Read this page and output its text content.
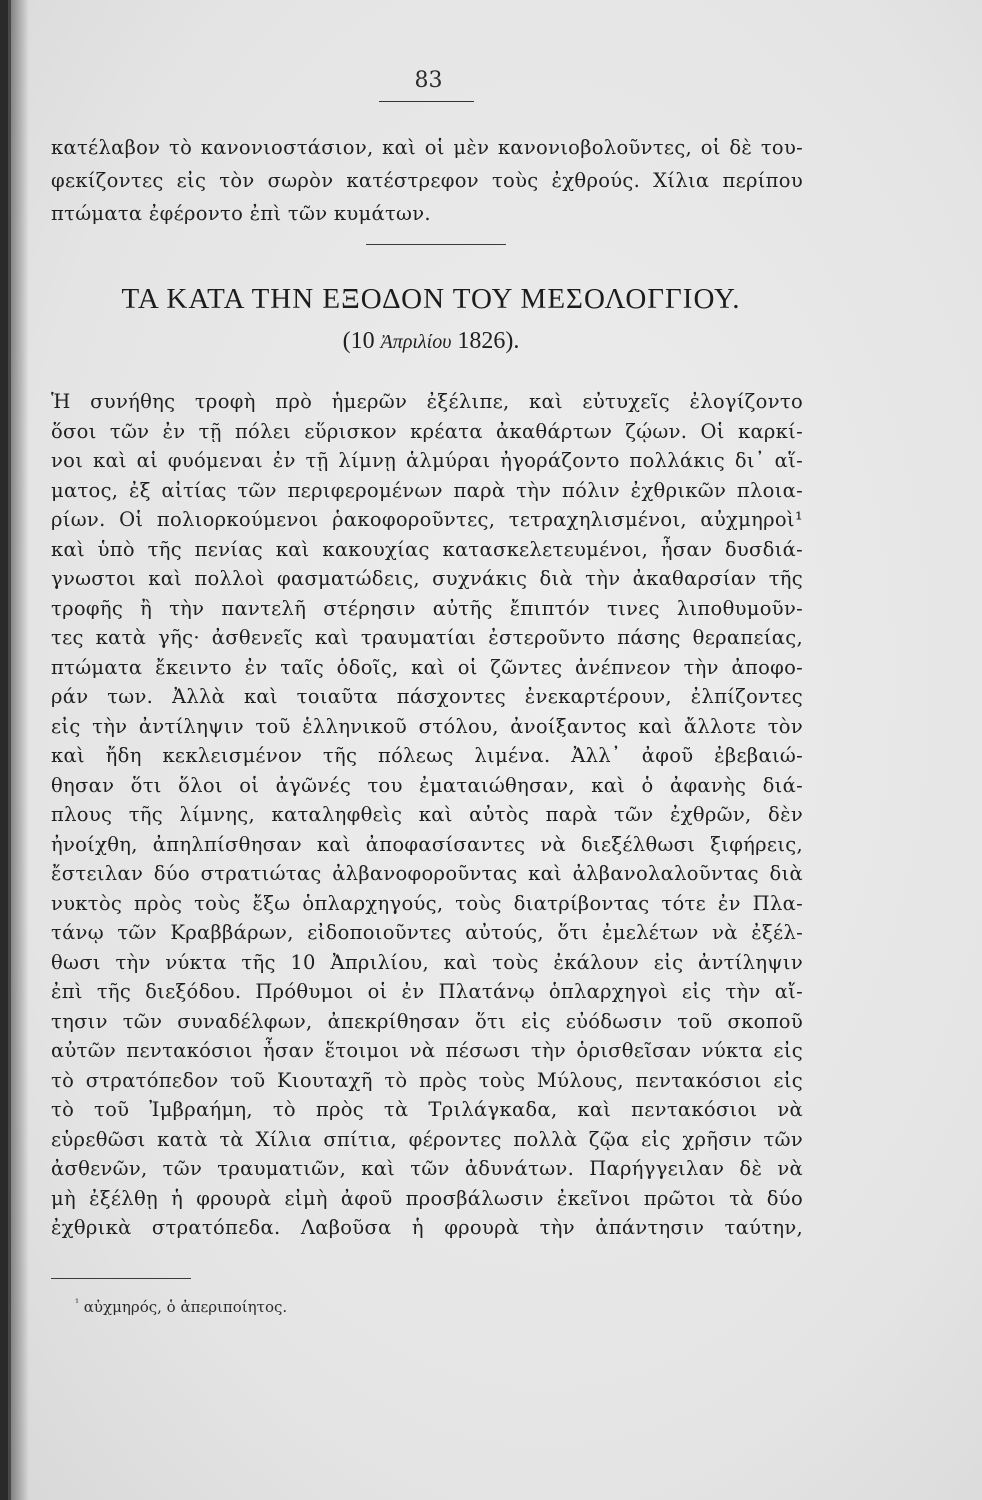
83
κατέλαβον τὸ κανονιοστάσιον, καὶ οἱ μὲν κανονιοβολοῦντες, οἱ δὲ του-
φεκίζοντες εἰς τὸν σωρὸν κατέστρεφον τοὺς ἐχθρούς. Χίλια περίπου
πτώματα ἐφέροντο ἐπὶ τῶν κυμάτων.
ΤΑ ΚΑΤΑ ΤΗΝ ΕΞΟΔΟΝ ΤΟΥ ΜΕΣΟΛΟΓΓΙΟΥ.
(10 Ἀπριλίου 1826).
Ἡ συνήθης τροφὴ πρὸ ἡμερῶν ἐξέλιπε, καὶ εὐτυχεῖς ἐλογίζοντο
ὅσοι τῶν ἐν τῇ πόλει εὕρισκον κρέατα ἀκαθάρτων ζῴων. Οἱ καρκί-
νοι καὶ αἱ φυόμεναι ἐν τῇ λίμνῃ ἁλμύραι ἠγοράζοντο πολλάκις δι᾽ αἵ-
ματος, ἐξ αἰτίας τῶν περιφερομένων παρὰ τὴν πόλιν ἐχθρικῶν πλοια-
ρίων. Οἱ πολιορκούμενοι ῥακοφοροῦντες, τετραχηλισμένοι, αὐχμηροὶ¹
καὶ ὑπὸ τῆς πενίας καὶ κακουχίας κατασκελετευμένοι, ἦσαν δυσδιά-
γνωστοι καὶ πολλοὶ φασματώδεις, συχνάκις διὰ τὴν ἀκαθαρσίαν τῆς
τροφῆς ἢ τὴν παντελῆ στέρησιν αὐτῆς ἔπιπτόν τινες λιποθυμοῦν-
τες κατὰ γῆς· ἀσθενεῖς καὶ τραυματίαι ἐστεροῦντο πάσης θεραπείας,
πτώματα ἔκειντο ἐν ταῖς ὁδοῖς, καὶ οἱ ζῶντες ἀνέπνεον τὴν ἀποφο-
ράν των. Ἀλλὰ καὶ τοιαῦτα πάσχοντες ἐνεκαρτέρουν, ἐλπίζοντες
εἰς τὴν ἀντίληψιν τοῦ ἑλληνικοῦ στόλου, ἀνοίξαντος καὶ ἄλλοτε τὸν
καὶ ἤδη κεκλεισμένον τῆς πόλεως λιμένα. Ἀλλ᾽ ἀφοῦ ἐβεβαιώ-
θησαν ὅτι ὅλοι οἱ ἀγῶνές του ἐματαιώθησαν, καὶ ὁ ἀφανὴς διά-
πλους τῆς λίμνης, καταληφθεὶς καὶ αὐτὸς παρὰ τῶν ἐχθρῶν, δὲν
ἠνοίχθη, ἀπηλπίσθησαν καὶ ἀποφασίσαντες νὰ διεξέλθωσι ξιφήρεις,
ἔστειλαν δύο στρατιώτας ἀλβανοφοροῦντας καὶ ἀλβανολαλοῦντας διὰ
νυκτὸς πρὸς τοὺς ἔξω ὁπλαρχηγούς, τοὺς διατρίβοντας τότε ἐν Πλα-
τάνῳ τῶν Κραββάρων, εἰδοποιοῦντες αὐτούς, ὅτι ἐμελέτων νὰ ἐξέλ-
θωσι τὴν νύκτα τῆς 10 Ἀπριλίου, καὶ τοὺς ἐκάλουν εἰς ἀντίληψιν
ἐπὶ τῆς διεξόδου. Πρόθυμοι οἱ ἐν Πλατάνῳ ὁπλαρχηγοὶ εἰς τὴν αἴ-
τησιν τῶν συναδέλφων, ἀπεκρίθησαν ὅτι εἰς εὐόδωσιν τοῦ σκοποῦ
αὐτῶν πεντακόσιοι ἦσαν ἕτοιμοι νὰ πέσωσι τὴν ὁρισθεῖσαν νύκτα εἰς
τὸ στρατόπεδον τοῦ Κιουταχῆ τὸ πρὸς τοὺς Μύλους, πεντακόσιοι εἰς
τὸ τοῦ Ἰμβραήμη, τὸ πρὸς τὰ Τριλάγκαδα, καὶ πεντακόσιοι νὰ
εὑρεθῶσι κατὰ τὰ Χίλια σπίτια, φέροντες πολλὰ ζῷα εἰς χρῆσιν τῶν
ἀσθενῶν, τῶν τραυματιῶν, καὶ τῶν ἀδυνάτων. Παρήγγειλαν δὲ νὰ
μὴ ἐξέλθῃ ἡ φρουρὰ εἰμὴ ἀφοῦ προσβάλωσιν ἐκεῖνοι πρῶτοι τὰ δύο
ἐχθρικὰ στρατόπεδα. Λαβοῦσα ἡ φρουρὰ τὴν ἀπάντησιν ταύτην,
$^{^1}$ αὐχμηρός, ὁ ἀπεριποίητος.
